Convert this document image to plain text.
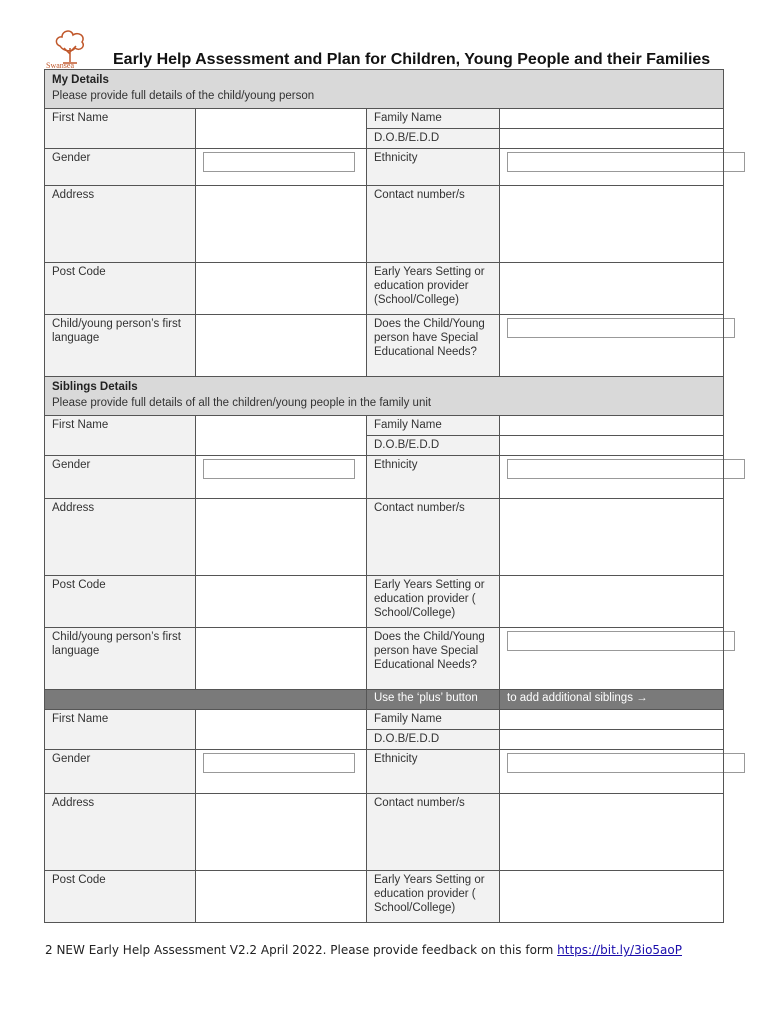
Swansea Early Help Assessment and Plan for Children, Young People and their Families
My Details
Please provide full details of the child/young person			

First Name		Family Name	
		D.O.B/E.D.D	
Gender		Ethnicity	

Address		Contact number/s	
Post Code		Early Years Setting or education provider (School/College)	
Child/young person’s first language		Does the Child/Young person have Special Educational Needs?	

Siblings Details
Please provide full details of all the children/young people in the family unit			

First Name		Family Name	
		D.O.B/E.D.D	
Gender		Ethnicity	

Address		Contact number/s	
Post Code		Early Years Setting or education provider ( School/College)	
Child/young person’s first language		Does the Child/Young person have Special Educational Needs?	

		Use the ‘plus’ button	to add additional siblings →
First Name		Family Name	
		D.O.B/E.D.D	
Gender		Ethnicity	

Address		Contact number/s	
Post Code		Early Years Setting or education provider ( School/College)	
2 NEW Early Help Assessment V2.2 April 2022. Please provide feedback on this form https://bit.ly/3io5aoP
